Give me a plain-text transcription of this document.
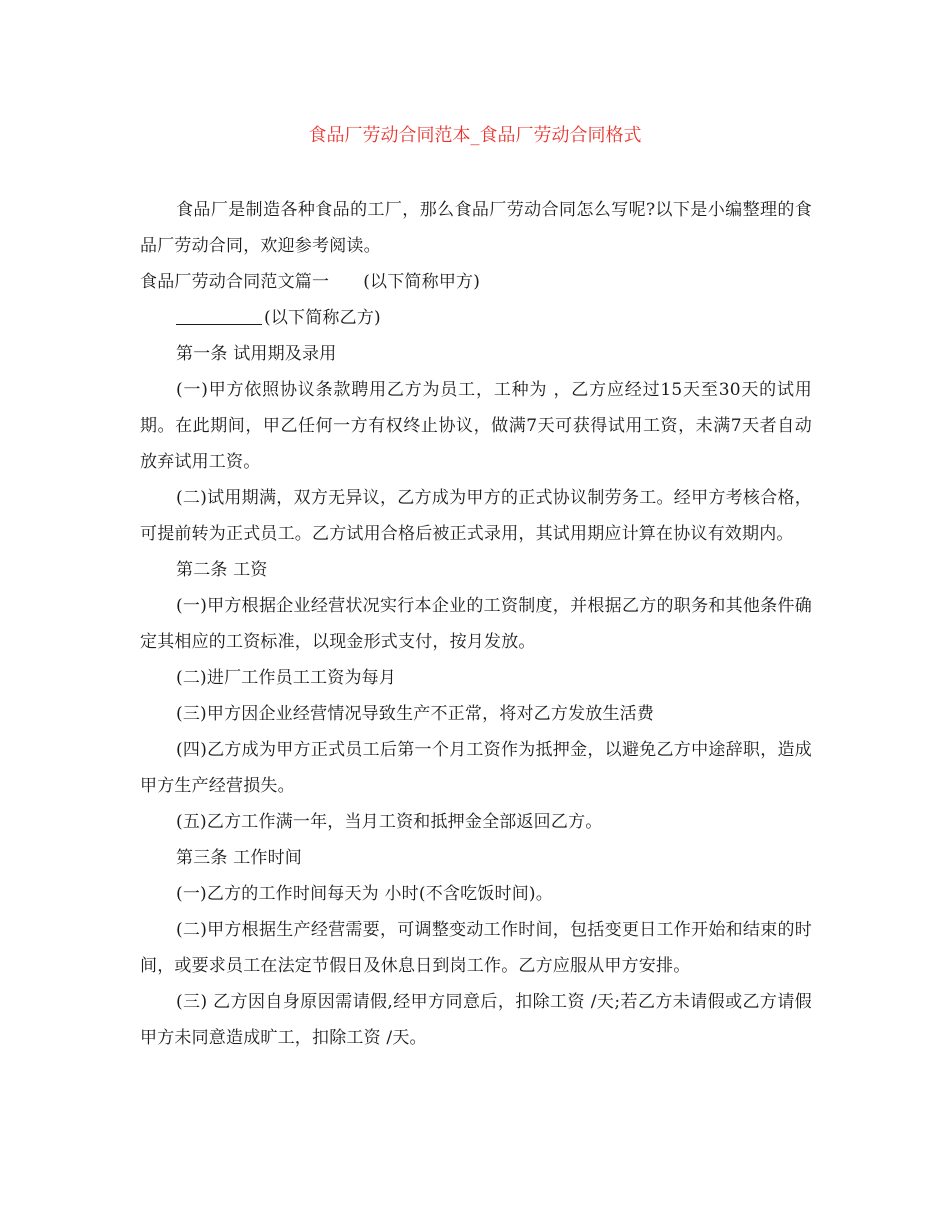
食品厂劳动合同范本_食品厂劳动合同格式

食品厂是制造各种食品的工厂，那么食品厂劳动合同怎么写呢?以下是小编整理的食品厂劳动合同，欢迎参考阅读。

食品厂劳动合同范文篇一 (以下简称甲方)

(以下简称乙方)

第一条 试用期及录用

(一)甲方依照协议条款聘用乙方为员工，工种为 ，乙方应经过15天至30天的试用期。在此期间，甲乙任何一方有权终止协议，做满7天可获得试用工资，未满7天者自动放弃试用工资。

(二)试用期满，双方无异议，乙方成为甲方的正式协议制劳务工。经甲方考核合格，可提前转为正式员工。乙方试用合格后被正式录用，其试用期应计算在协议有效期内。

第二条 工资

(一)甲方根据企业经营状况实行本企业的工资制度，并根据乙方的职务和其他条件确定其相应的工资标准，以现金形式支付，按月发放。

(二)进厂工作员工工资为每月

(三)甲方因企业经营情况导致生产不正常，将对乙方发放生活费

(四)乙方成为甲方正式员工后第一个月工资作为抵押金，以避免乙方中途辞职，造成甲方生产经营损失。

(五)乙方工作满一年，当月工资和抵押金全部返回乙方。

第三条 工作时间

(一)乙方的工作时间每天为 小时(不含吃饭时间)。

(二)甲方根据生产经营需要，可调整变动工作时间，包括变更日工作开始和结束的时间，或要求员工在法定节假日及休息日到岗工作。乙方应服从甲方安排。

(三) 乙方因自身原因需请假,经甲方同意后，扣除工资 /天;若乙方未请假或乙方请假甲方未同意造成旷工，扣除工资 /天。
